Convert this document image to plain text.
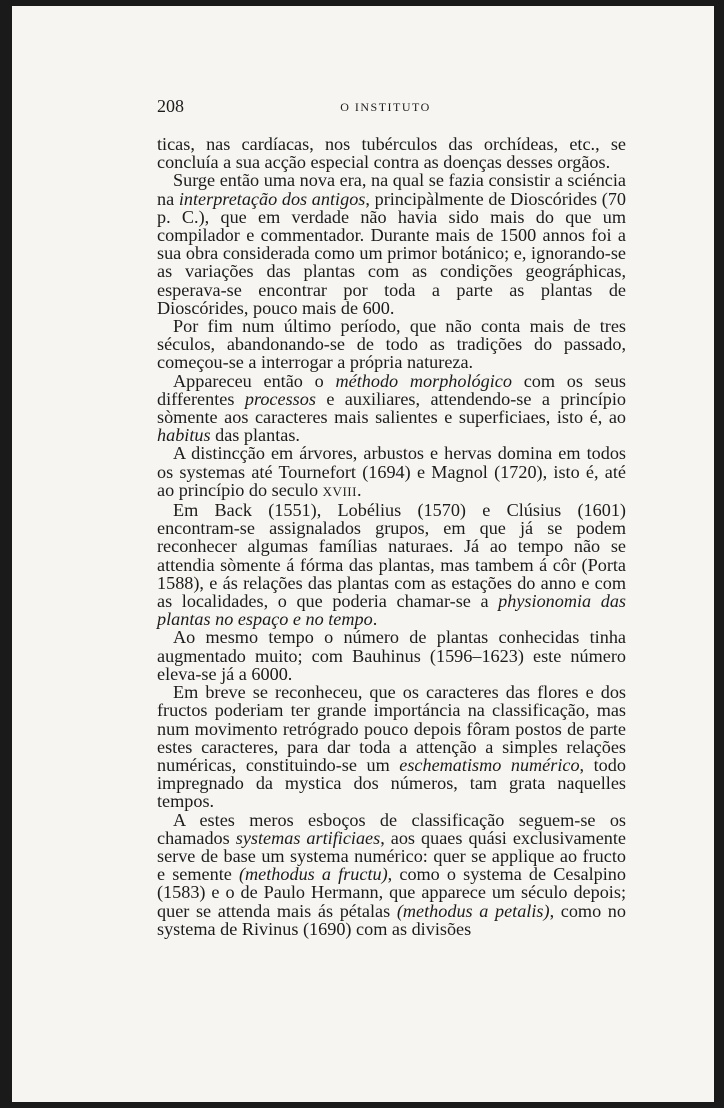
208	O INSTITUTO

ticas, nas cardíacas, nos tubérculos das orchídeas, etc., se concluía a sua acção especial contra as doenças desses orgãos.

Surge então uma nova era, na qual se fazia consistir a sciéncia na interpretação dos antigos, principàlmente de Dioscórides (70 p. C.), que em verdade não havia sido mais do que um compilador e commentador. Durante mais de 1500 annos foi a sua obra considerada como um primor botánico; e, ignorando-se as variações das plantas com as condições geográphicas, esperava-se encontrar por toda a parte as plantas de Dioscórides, pouco mais de 600.

Por fim num último período, que não conta mais de tres séculos, abandonando-se de todo as tradições do passado, começou-se a interrogar a própria natureza.

Appareceu então o méthodo morphológico com os seus differentes processos e auxiliares, attendendo-se a princípio sòmente aos caracteres mais salientes e superficiaes, isto é, ao habitus das plantas.

A distincção em árvores, arbustos e hervas domina em todos os systemas até Tournefort (1694) e Magnol (1720), isto é, até ao princípio do seculo XVIII.

Em Back (1551), Lobélius (1570) e Clúsius (1601) encontram-se assignalados grupos, em que já se podem reconhecer algumas famílias naturaes. Já ao tempo não se attendia sòmente á fórma das plantas, mas tambem á côr (Porta 1588), e ás relações das plantas com as estações do anno e com as localidades, o que poderia chamar-se a physionomia das plantas no espaço e no tempo.

Ao mesmo tempo o número de plantas conhecidas tinha augmentado muito; com Bauhinus (1596–1623) este número eleva-se já a 6000.

Em breve se reconheceu, que os caracteres das flores e dos fructos poderiam ter grande importáncia na classificação, mas num movimento retrógrado pouco depois fôram postos de parte estes caracteres, para dar toda a attenção a simples relações numéricas, constituindo-se um eschematismo numérico, todo impregnado da mystica dos números, tam grata naquelles tempos.

A estes meros esboços de classificação seguem-se os chamados systemas artificiaes, aos quaes quási exclusivamente serve de base um systema numérico: quer se applique ao fructo e semente (methodus a fructu), como o systema de Cesalpino (1583) e o de Paulo Hermann, que apparece um século depois; quer se attenda mais ás pétalas (methodus a petalis), como no systema de Rivinus (1690) com as divisões
